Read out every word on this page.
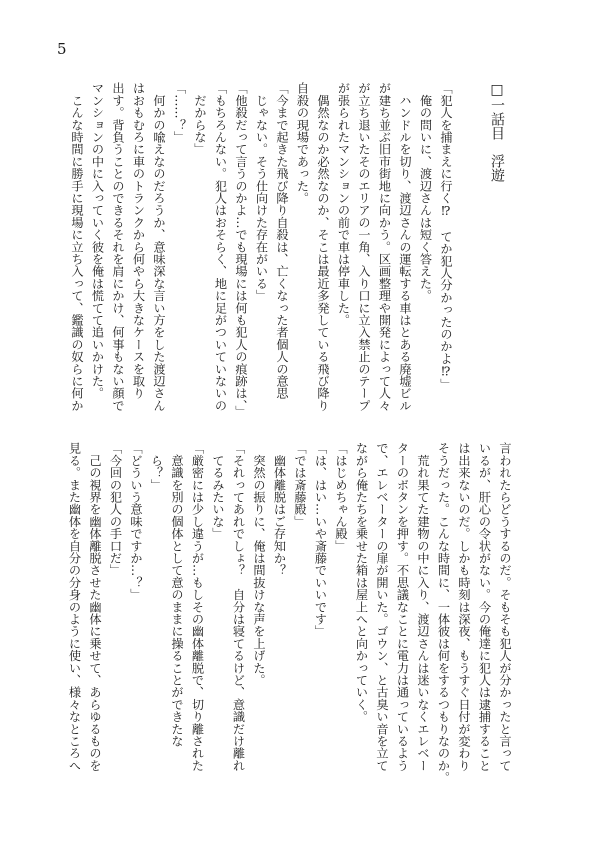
5
□一話目　浮遊
「犯人を捕まえに行く⁉　てか犯人分かったのかよ⁉」
　俺の問いに、渡辺さんは短く答えた。
　ハンドルを切り、渡辺さんの運転する車はとある廃墟ビル
が建ち並ぶ旧市街地に向かう。区画整理や開発によって人々
が立ち退いたそのエリアの一角、入り口に立入禁止のテープ
が張られたマンションの前で車は停車した。
　偶然なのか必然なのか、そこは最近多発している飛び降り
自殺の現場であった。
「今まで起きた飛び降り自殺は、亡くなった者個人の意思
　じゃない。そう仕向けた存在がいる」
「他殺だって言うのかよ…でも現場には何も犯人の痕跡は、」
「もちろんない。犯人はおそらく、地に足がついていないの
　だからな」
「……？」
　何かの喩えなのだろうか、意味深な言い方をした渡辺さん
はおもむろに車のトランクから何やら大きなケースを取り
出す。背負うことのできるそれを肩にかけ、何事もない顔で
マンションの中に入っていく彼を俺は慌てて追いかけた。
　こんな時間に勝手に現場に立ち入って、鑑識の奴らに何か
言われたらどうするのだ。そもそも犯人が分かったと言って
いるが、肝心の令状がない。今の俺達に犯人は逮捕すること
は出来ないのだ。しかも時刻は深夜、もうすぐ日付が変わり
そうだった。こんな時間に、一体彼は何をするつもりなのか。
　荒れ果てた建物の中に入り、渡辺さんは迷いなくエレベー
ターのボタンを押す。不思議なことに電力は通っているよう
で、エレベーターの扉が開いた。ゴウン、と古臭い音を立て
ながら俺たちを乗せた箱は屋上へと向かっていく。
「はじめちゃん殿」
「は、はい…いや斎藤でいいです」
「では斎藤殿」
　幽体離脱はご存知か？
　突然の振りに、俺は間抜けな声を上げた。
「それってあれでしょ？　自分は寝てるけど、意識だけ離れ
　てるみたいな」
「厳密には少し違うが…もしその幽体離脱で、切り離された
　意識を別の個体として意のままに操ることができたな
　ら？」
「どういう意味ですか…？」
「今回の犯人の手口だ」
　己の視界を幽体離脱させた幽体に乗せて、あらゆるものを
見る。また幽体を自分の分身のように使い、様々なところへ
